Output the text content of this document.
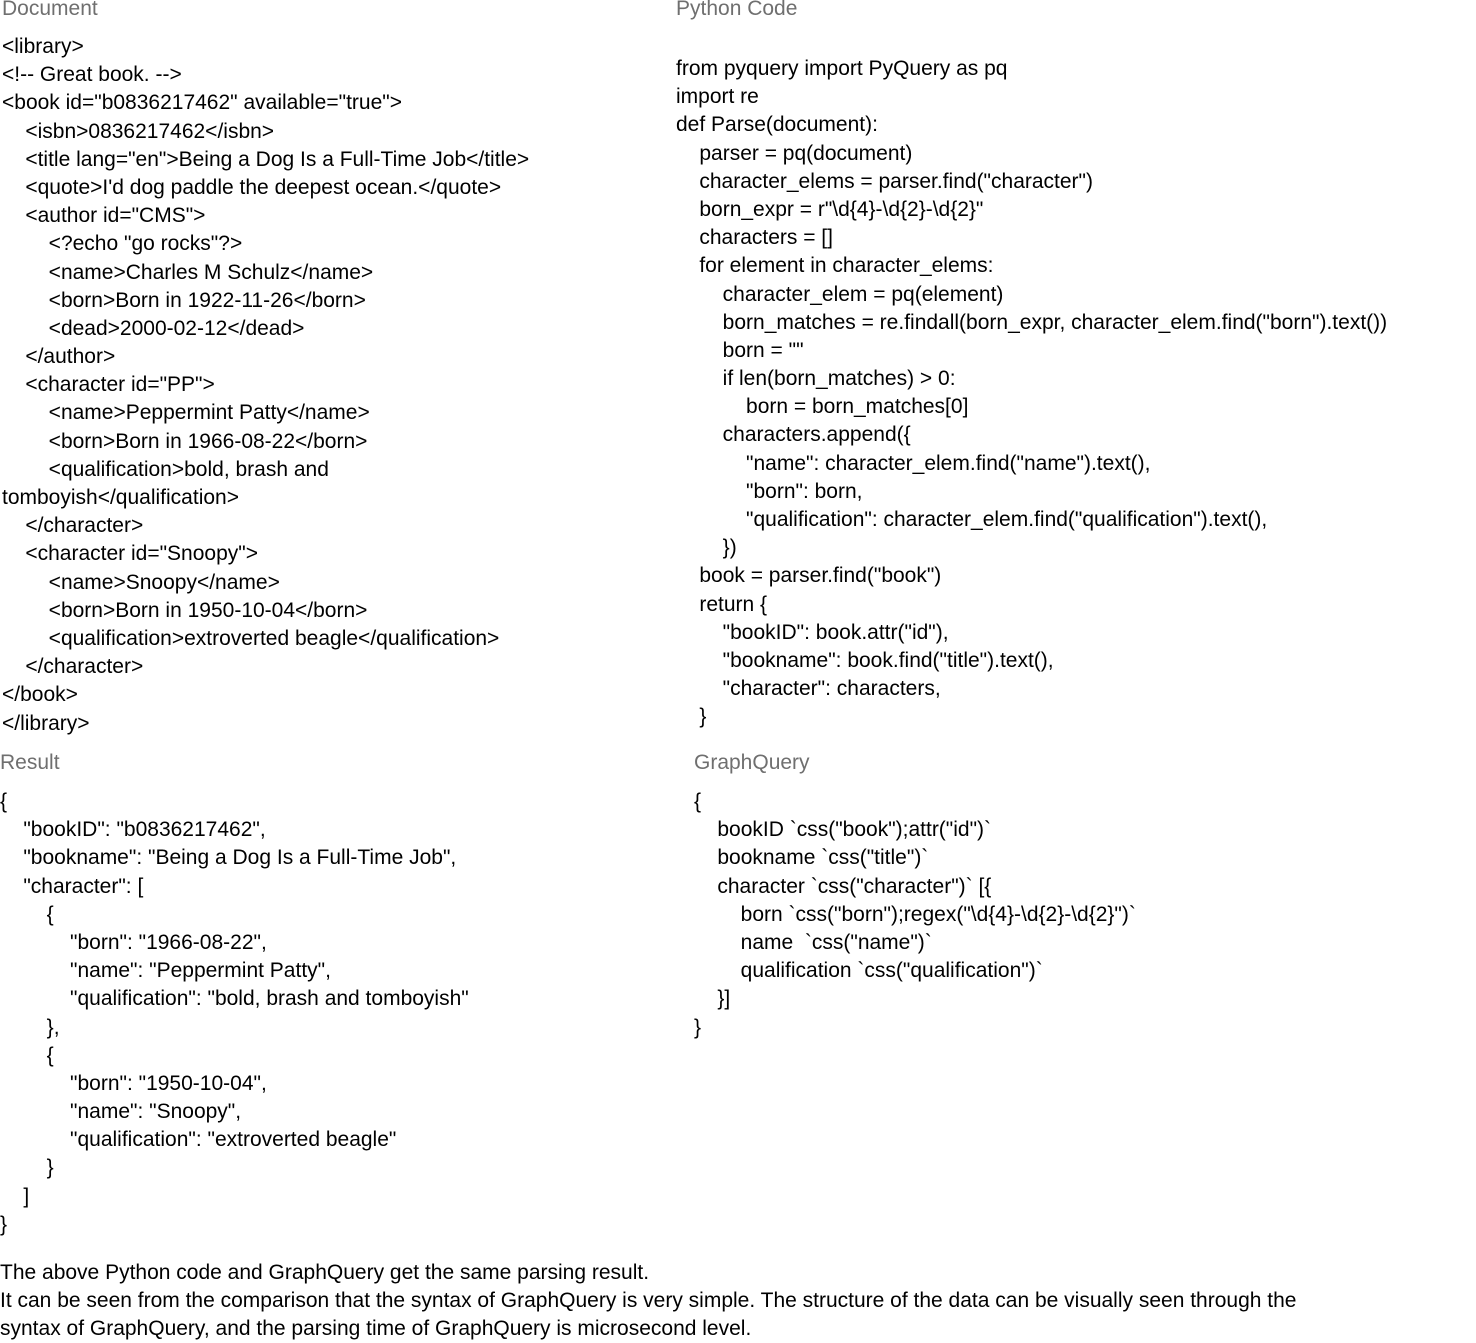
Document
<library>
<!-- Great book. -->
<book id="b0836217462" available="true">
<isbn>0836217462</isbn>
<title lang="en">Being a Dog Is a Full-Time Job</title>
<quote>I'd dog paddle the deepest ocean.</quote>
<author id="CMS">
<?echo "go rocks"?>
<name>Charles M Schulz</name>
<born>Born in 1922-11-26</born>
<dead>2000-02-12</dead>
</author>
<character id="PP">
<name>Peppermint Patty</name>
<born>Born in 1966-08-22</born>
<qualification>bold, brash and
tomboyish</qualification>
</character>
<character id="Snoopy">
<name>Snoopy</name>
<born>Born in 1950-10-04</born>
<qualification>extroverted beagle</qualification>
</character>
</book>
</library>
Python Code
from pyquery import PyQuery as pq
import re
def Parse(document):
parser = pq(document)
character_elems = parser.find("character")
born_expr = r"\d{4}-\d{2}-\d{2}"
characters = []
for element in character_elems:
character_elem = pq(element)
born_matches = re.findall(born_expr, character_elem.find("born").text())
born = ""
if len(born_matches) > 0:
born = born_matches[0]
characters.append({
"name": character_elem.find("name").text(),
"born": born,
"qualification": character_elem.find("qualification").text(),
})
book = parser.find("book")
return {
"bookID": book.attr("id"),
"bookname": book.find("title").text(),
"character": characters,
}
Result
{
"bookID": "b0836217462",
"bookname": "Being a Dog Is a Full-Time Job",
"character": [
{
"born": "1966-08-22",
"name": "Peppermint Patty",
"qualification": "bold, brash and tomboyish"
},
{
"born": "1950-10-04",
"name": "Snoopy",
"qualification": "extroverted beagle"
}
]
}
GraphQuery
{
bookID `css("book");attr("id")`
bookname `css("title")`
character `css("character")` [{
born `css("born");regex("\d{4}-\d{2}-\d{2}")`
name  `css("name")`
qualification `css("qualification")`
}]
}
The above Python code and GraphQuery get the same parsing result.
It can be seen from the comparison that the syntax of GraphQuery is very simple. The structure of the data can be visually seen through the
syntax of GraphQuery, and the parsing time of GraphQuery is microsecond level.
